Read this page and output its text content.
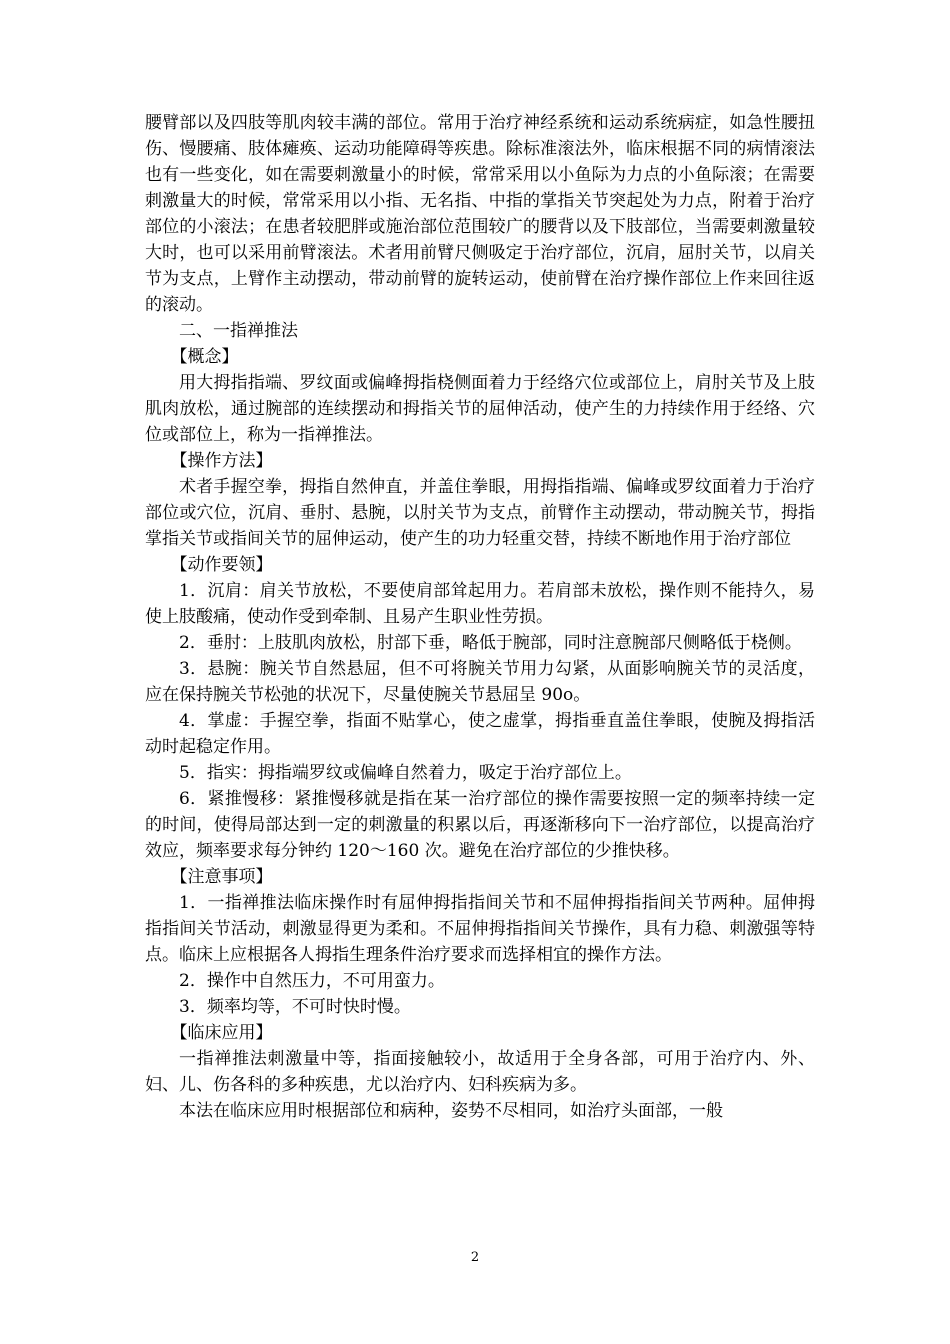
腰臂部以及四肢等肌肉较丰满的部位。常用于治疗神经系统和运动系统病症，如急性腰扭伤、慢腰痛、肢体瘫痪、运动功能障碍等疾患。除标准滚法外，临床根据不同的病情滚法也有一些变化，如在需要刺激量小的时候，常常采用以小鱼际为力点的小鱼际滚；在需要刺激量大的时候，常常采用以小指、无名指、中指的掌指关节突起处为力点，附着于治疗部位的小滚法；在患者较肥胖或施治部位范围较广的腰背以及下肢部位，当需要刺激量较大时，也可以采用前臂滚法。术者用前臂尺侧吸定于治疗部位，沉肩，屈肘关节，以肩关节为支点，上臂作主动摆动，带动前臂的旋转运动，使前臂在治疗操作部位上作来回往返的滚动。

二、一指禅推法

【概念】

用大拇指指端、罗纹面或偏峰拇指桡侧面着力于经络穴位或部位上，肩肘关节及上肢肌肉放松，通过腕部的连续摆动和拇指关节的屈伸活动，使产生的力持续作用于经络、穴位或部位上，称为一指禅推法。

【操作方法】

术者手握空拳，拇指自然伸直，并盖住拳眼，用拇指指端、偏峰或罗纹面着力于治疗部位或穴位，沉肩、垂肘、悬腕，以肘关节为支点，前臂作主动摆动，带动腕关节，拇指掌指关节或指间关节的屈伸运动，使产生的功力轻重交替，持续不断地作用于治疗部位

【动作要领】

1．沉肩：肩关节放松，不要使肩部耸起用力。若肩部未放松，操作则不能持久，易使上肢酸痛，使动作受到牵制、且易产生职业性劳损。

2．垂肘：上肢肌肉放松，肘部下垂，略低于腕部，同时注意腕部尺侧略低于桡侧。

3．悬腕：腕关节自然悬屈，但不可将腕关节用力勾紧，从面影响腕关节的灵活度，应在保持腕关节松弛的状况下，尽量使腕关节悬屈呈 90o。

4．掌虚：手握空拳，指面不贴掌心，使之虚掌，拇指垂直盖住拳眼，使腕及拇指活动时起稳定作用。

5．指实：拇指端罗纹或偏峰自然着力，吸定于治疗部位上。

6．紧推慢移：紧推慢移就是指在某一治疗部位的操作需要按照一定的频率持续一定的时间，使得局部达到一定的刺激量的积累以后，再逐渐移向下一治疗部位，以提高治疗效应，频率要求每分钟约 120～160 次。避免在治疗部位的少推快移。

【注意事项】

1．一指禅推法临床操作时有屈伸拇指指间关节和不屈伸拇指指间关节两种。屈伸拇指指间关节活动，刺激显得更为柔和。不屈伸拇指指间关节操作，具有力稳、刺激强等特点。临床上应根据各人拇指生理条件治疗要求而选择相宜的操作方法。

2．操作中自然压力，不可用蛮力。

3．频率均等，不可时快时慢。

【临床应用】

一指禅推法刺激量中等，指面接触较小，故适用于全身各部，可用于治疗内、外、妇、儿、伤各科的多种疾患，尤以治疗内、妇科疾病为多。

本法在临床应用时根据部位和病种，姿势不尽相同，如治疗头面部，一般

2
